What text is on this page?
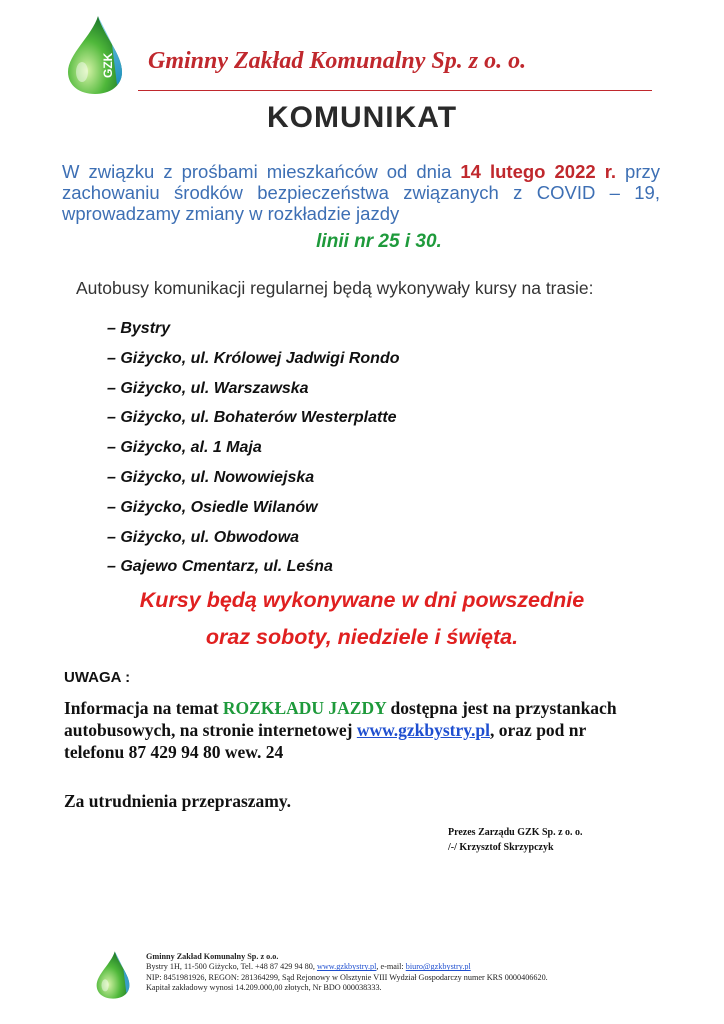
GZK Gminny Zakład Komunalny Sp. z o. o.
KOMUNIKAT
W związku z prośbami mieszkańców od dnia 14 lutego 2022 r. przy zachowaniu środków bezpieczeństwa związanych z COVID – 19, wprowadzamy zmiany w rozkładzie jazdy
linii nr 25 i 30.
Autobusy komunikacji regularnej będą wykonywały kursy na trasie:
– Bystry
– Giżycko, ul. Królowej Jadwigi Rondo
– Giżycko, ul. Warszawska
– Giżycko, ul. Bohaterów Westerplatte
– Giżycko, al. 1 Maja
– Giżycko, ul. Nowowiejska
– Giżycko, Osiedle Wilanów
– Giżycko, ul. Obwodowa
– Gajewo Cmentarz, ul. Leśna
Kursy będą wykonywane w dni powszednie
oraz soboty, niedziele i święta.
UWAGA :
Informacja na temat ROZKŁADU JAZDY dostępna jest na przystankach autobusowych, na stronie internetowej www.gzkbystry.pl, oraz pod nr telefonu 87 429 94 80 wew. 24
Za utrudnienia przepraszamy.
Prezes Zarządu GZK Sp. z o. o.
/-/ Krzysztof Skrzypczyk
Gminny Zakład Komunalny Sp. z o.o.
Bystry 1H, 11-500 Giżycko, Tel. +48 87 429 94 80, www.gzkbystry.pl, e-mail: biuro@gzkbystry.pl
NIP: 8451981926, REGON: 281364299, Sąd Rejonowy w Olsztynie VIII Wydział Gospodarczy numer KRS 0000406620.
Kapitał zakładowy wynosi 14.209.000,00 złotych, Nr BDO 000038333.
